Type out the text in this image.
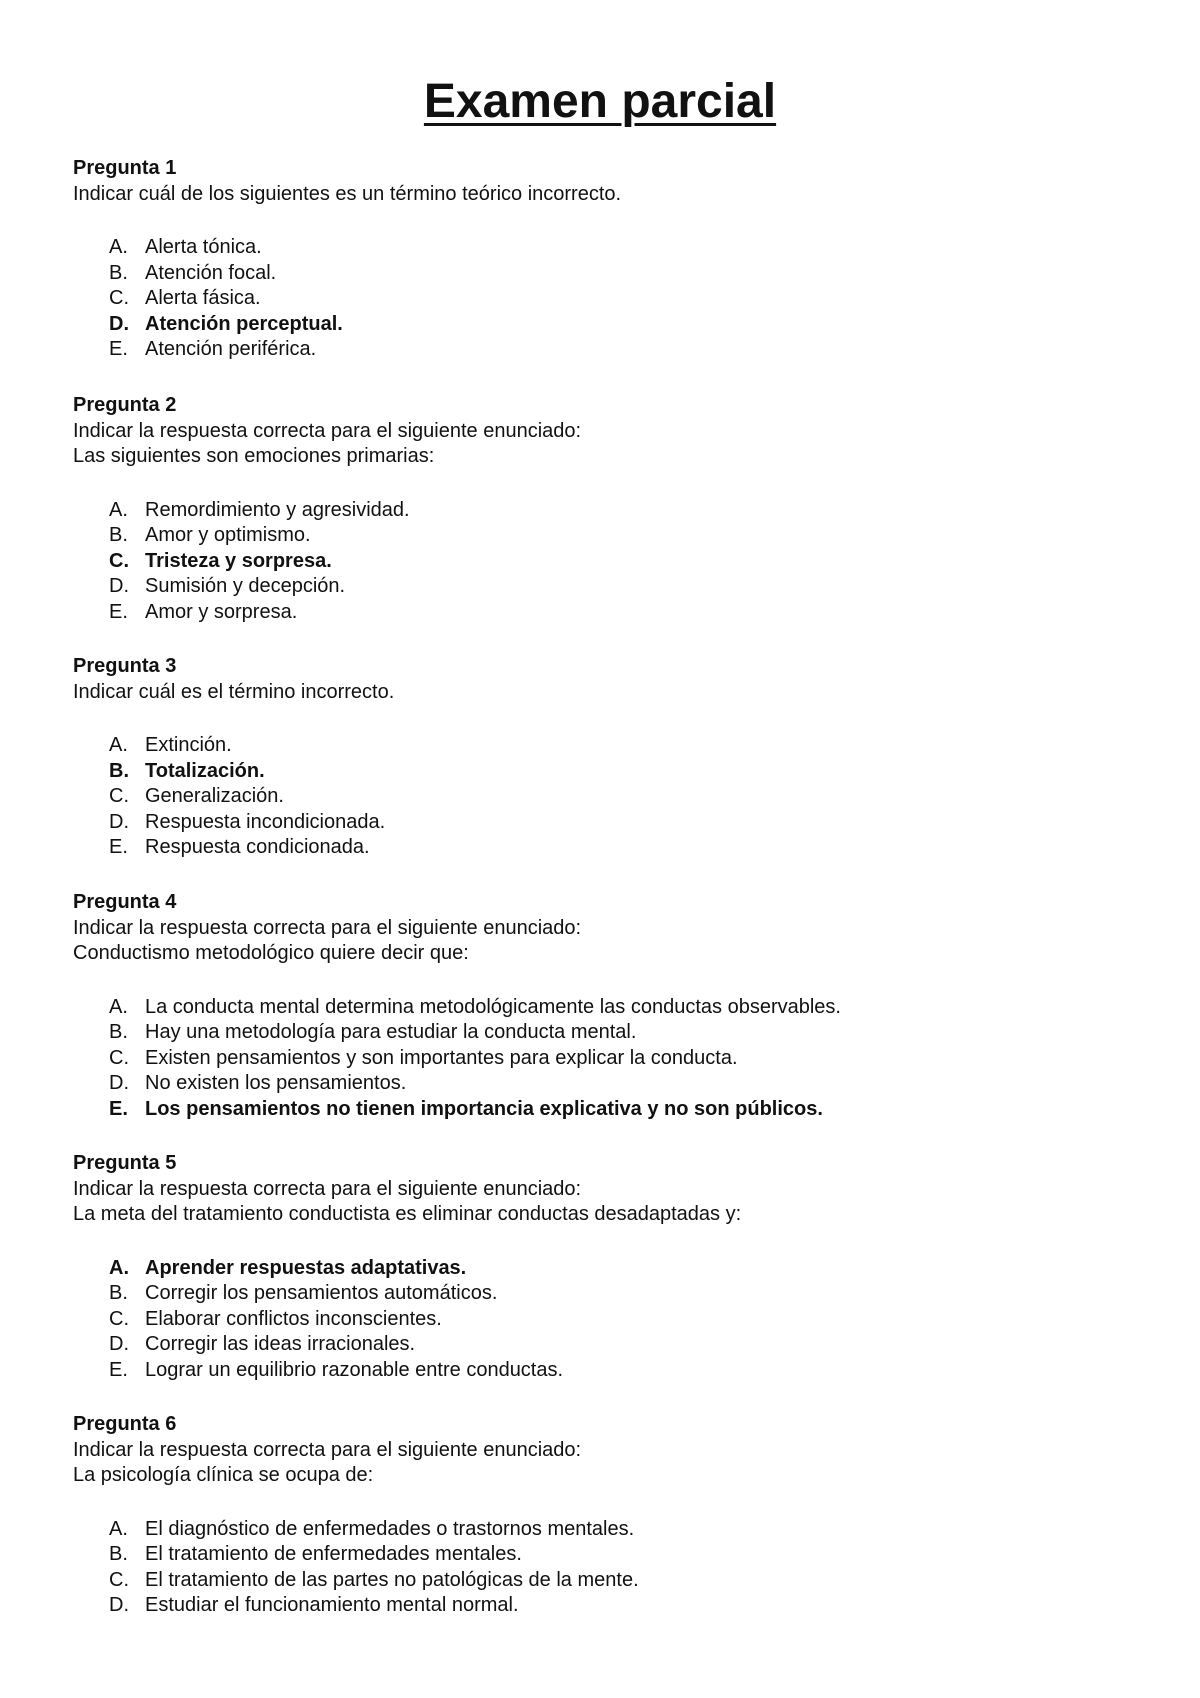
Examen parcial
Pregunta 1
Indicar cuál de los siguientes es un término teórico incorrecto.
A. Alerta tónica.
B. Atención focal.
C. Alerta fásica.
D. Atención perceptual.
E. Atención periférica.
Pregunta 2
Indicar la respuesta correcta para el siguiente enunciado:
Las siguientes son emociones primarias:
A. Remordimiento y agresividad.
B. Amor y optimismo.
C. Tristeza y sorpresa.
D. Sumisión y decepción.
E. Amor y sorpresa.
Pregunta 3
Indicar cuál es el término incorrecto.
A. Extinción.
B. Totalización.
C. Generalización.
D. Respuesta incondicionada.
E. Respuesta condicionada.
Pregunta 4
Indicar la respuesta correcta para el siguiente enunciado:
Conductismo metodológico quiere decir que:
A. La conducta mental determina metodológicamente las conductas observables.
B. Hay una metodología para estudiar la conducta mental.
C. Existen pensamientos y son importantes para explicar la conducta.
D. No existen los pensamientos.
E. Los pensamientos no tienen importancia explicativa y no son públicos.
Pregunta 5
Indicar la respuesta correcta para el siguiente enunciado:
La meta del tratamiento conductista es eliminar conductas desadaptadas y:
A. Aprender respuestas adaptativas.
B. Corregir los pensamientos automáticos.
C. Elaborar conflictos inconscientes.
D. Corregir las ideas irracionales.
E. Lograr un equilibrio razonable entre conductas.
Pregunta 6
Indicar la respuesta correcta para el siguiente enunciado:
La psicología clínica se ocupa de:
A. El diagnóstico de enfermedades o trastornos mentales.
B. El tratamiento de enfermedades mentales.
C. El tratamiento de las partes no patológicas de la mente.
D. Estudiar el funcionamiento mental normal.
